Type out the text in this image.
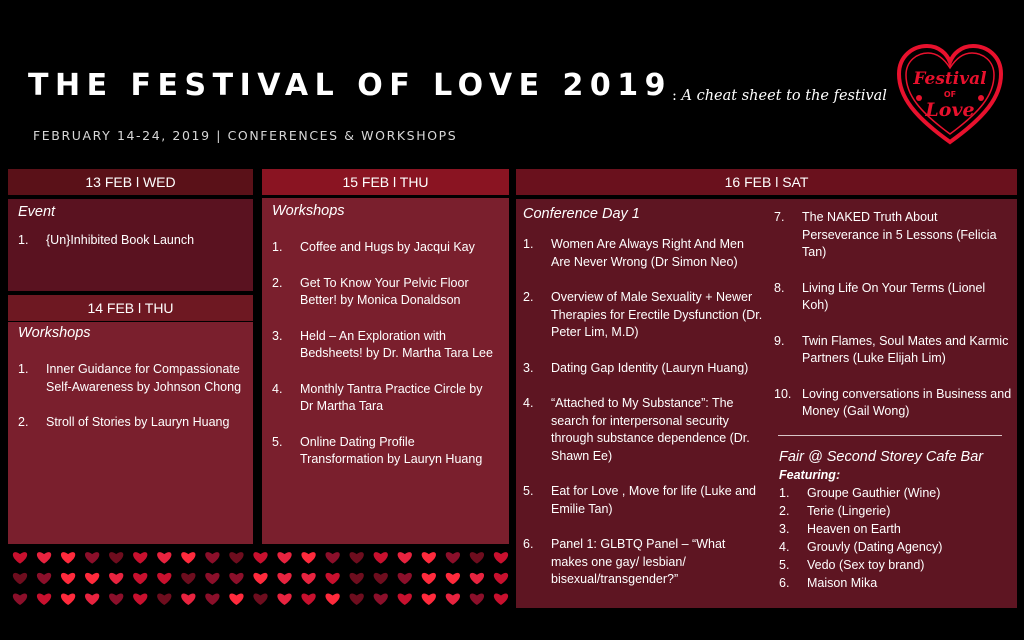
THE FESTIVAL OF LOVE 2019 : A cheat sheet to the festival
FEBRUARY 14-24, 2019 | CONFERENCES & WORKSHOPS
Festival
OF
Love
13 FEB l WED	15 FEB l THU	16 FEB l SAT
Event
1. {Un}Inhibited Book Launch
14 FEB l THU
Workshops
1. Inner Guidance for Compassionate Self-Awareness by Johnson Chong
2. Stroll of Stories by Lauryn Huang
Workshops
1. Coffee and Hugs by Jacqui Kay
2. Get To Know Your Pelvic Floor Better! by Monica Donaldson
3. Held – An Exploration with Bedsheets! by Dr. Martha Tara Lee
4. Monthly Tantra Practice Circle by Dr Martha Tara
5. Online Dating Profile Transformation by Lauryn Huang
Conference Day 1
1. Women Are Always Right And Men Are Never Wrong (Dr Simon Neo)
2. Overview of Male Sexuality + Newer Therapies for Erectile Dysfunction (Dr. Peter Lim, M.D)
3. Dating Gap Identity (Lauryn Huang)
4. “Attached to My Substance”: The search for interpersonal security through substance dependence (Dr. Shawn Ee)
5. Eat for Love , Move for life (Luke and Emilie Tan)
6. Panel 1: GLBTQ Panel – “What makes one gay/ lesbian/ bisexual/transgender?”
7. The NAKED Truth About Perseverance in 5 Lessons (Felicia Tan)
8. Living Life On Your Terms (Lionel Koh)
9. Twin Flames, Soul Mates and Karmic Partners (Luke Elijah Lim)
10. Loving conversations in Business and Money (Gail Wong)
Fair @ Second Storey Cafe Bar
Featuring:
1. Groupe Gauthier (Wine)
2. Terie (Lingerie)
3. Heaven on Earth
4. Grouvly (Dating Agency)
5. Vedo (Sex toy brand)
6. Maison Mika
